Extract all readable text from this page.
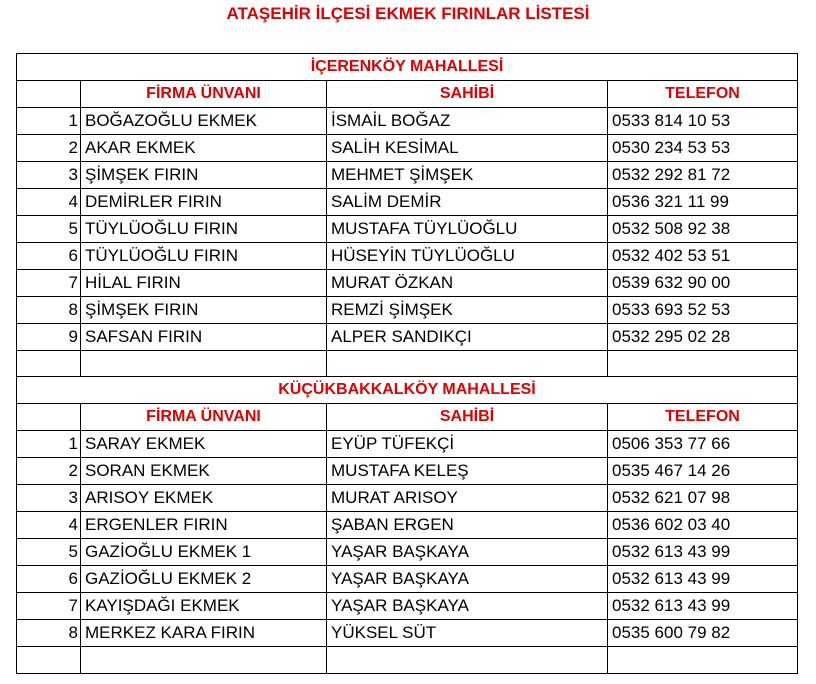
ATAŞEHİR İLÇESİ EKMEK FIRINLAR LİSTESİ
İÇERENKÖY MAHALLESİ			
	FİRMA ÜNVANI	SAHİBİ	TELEFON
1	BOĞAZOĞLU EKMEK	İSMAİL BOĞAZ	0533 814 10 53
2	AKAR EKMEK	SALİH KESİMAL	0530 234 53 53
3	ŞİMŞEK FIRIN	MEHMET ŞİMŞEK	0532 292 81 72
4	DEMİRLER FIRIN	SALİM DEMİR	0536 321 11 99
5	TÜYLÜOĞLU FIRIN	MUSTAFA TÜYLÜOĞLU	0532 508 92 38
6	TÜYLÜOĞLU FIRIN	HÜSEYİN TÜYLÜOĞLU	0532 402 53 51
7	HİLAL FIRIN	MURAT ÖZKAN	0539 632 90 00
8	ŞİMŞEK FIRIN	REMZİ ŞİMŞEK	0533 693 52 53
9	SAFSAN FIRIN	ALPER SANDIKÇI	0532 295 02 28

KÜÇÜKBAKKALKÖY MAHALLESİ			
	FİRMA ÜNVANI	SAHİBİ	TELEFON
1	SARAY EKMEK	EYÜP TÜFEKÇİ	0506 353 77 66
2	SORAN EKMEK	MUSTAFA KELEŞ	0535 467 14 26
3	ARISOY EKMEK	MURAT ARISOY	0532 621 07 98
4	ERGENLER FIRIN	ŞABAN ERGEN	0536 602 03 40
5	GAZİOĞLU EKMEK 1	YAŞAR BAŞKAYA	0532 613 43 99
6	GAZİOĞLU EKMEK 2	YAŞAR BAŞKAYA	0532 613 43 99
7	KAYIŞDAĞI EKMEK	YAŞAR BAŞKAYA	0532 613 43 99
8	MERKEZ KARA FIRIN	YÜKSEL SÜT	0535 600 79 82
